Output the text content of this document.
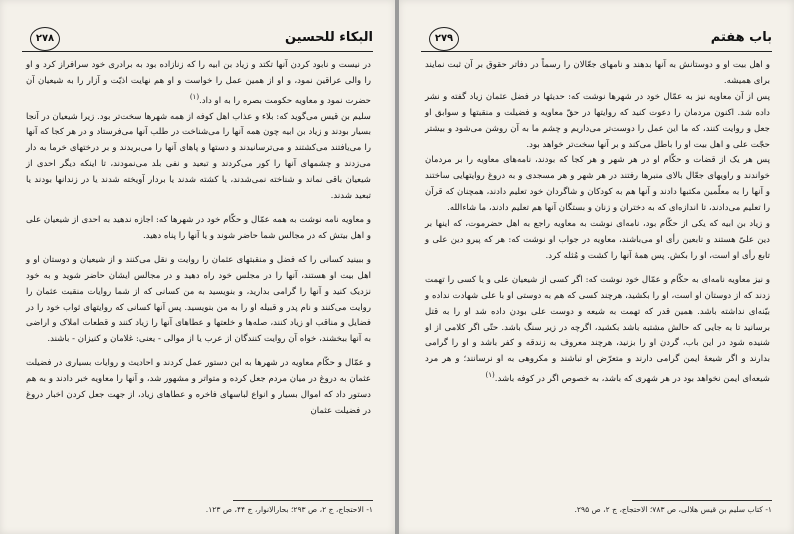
البكاء للحسين
۲۷۸

در نیست و نابود کردن آنها تکتد و زیاد بن ابیه را که زنازاده بود به برادری خود سرافراز کرد و او را والی عراقین نمود، و او از همین عمل را خواست و او هم نهایت اذیّت و آزار را به شیعیان آن حضرت نمود و معاویه حکومت بصره را به او داد.$^{(۱)}$

سلیم بن قیس می‌گوید که: بلاء و عذاب اهل کوفه از همه شهرها سخت‌تر بود. زیرا شیعیان در آنجا بسیار بودند و زیاد بن ابیه چون همه آنها را می‌شناخت در طلب آنها می‌فرستاد و در هر کجا که آنها را می‌یافتند می‌کشتند و می‌ترسانیدند و دستها و پاهای آنها را می‌بریدند و بر درختهای خرما به دار می‌زدند و چشمهای آنها را کور می‌کردند و تبعید و نفی بلد می‌نمودند، تا اینکه دیگر احدی از شیعیان باقی نماند و شناخته نمی‌شدند، یا کشته شدند یا بردار آویخته شدند یا در زندانها بودند یا تبعید شدند.

و معاویه نامه نوشت به همه عمّال و حکّام خود در شهرها که: اجازه ندهید به احدی از شیعیان علی و اهل بیتش که در مجالس شما حاضر شوند و یا آنها را پناه دهید.

و ببینید کسانی را که فضل و منقبتهای عثمان را روایت و نقل می‌کنند و از شیعیان و دوستان او و اهل بیت او هستند، آنها را در مجلس خود راه دهید و در مجالس ایشان حاضر شوید و به خود نزدیک کنید و آنها را گرامی بدارید، و بنویسید به من کسانی که از شما روایات منقبت عثمان را روایت می‌کنند و نام پدر و قبیله او را به من بنویسید. پس آنها کسانی که روایتهای ثواب خود را در فضایل و مناقب او زیاد کنند، صله‌ها و خلعتها و عطاهای آنها را زیاد کنند و قطعات املاک و اراضی به آنها ببخشند، خواه آن روایت کنندگان از عرب یا از موالی - یعنی: غلامان و کنیزان - باشند.

و عمّال و حکّام معاویه در شهرها به این دستور عمل کردند و احادیث و روایات بسیاری در فضیلت عثمان به دروغ در میان مردم جعل کرده و متواتر و مشهور شد، و آنها را معاویه خبر دادند و به هم دستور داد که اموال بسیار و انواع لباسهای فاخره و عطاهای زیاد، از جهت جعل کردن اخبار دروغ در فضیلت عثمان

۱- الاحتجاج، ج ۲، ص ۲۹۳؛ بحارالانوار، ج ۴۴، ص ۱۲۳.
باب هفتم
۲۷۹

و اهل بیت او و دوستانش به آنها بدهند و نامهای جعّالان را رسماً در دفاتر حقوق بر آن ثبت نمایند برای همیشه.

پس از آن معاویه نیز به عمّال خود در شهرها نوشت که: حدیثها در فضل عثمان زیاد گفته و نشر داده شد. اکنون مردمان را دعوت کنید که روایتها در حقّ معاویه و فضیلت و منقبتها و سوابق او جعل و روایت کنند، که ما این عمل را دوست‌تر می‌داریم و چشم ما به آن روشن می‌شود و بیشتر حجّت علی و اهل بیت او را باطل می‌کند و بر آنها سخت‌تر خواهد بود.

پس هر یک از قضات و حکّام او در هر شهر و هر کجا که بودند، نامه‌های معاویه را بر مردمان خواندند و راویهای جعّال بالای منبرها رفتند در هر شهر و هر مسجدی و به دروغ روایتهایی ساختند و آنها را به معلّمین مکتبها دادند و آنها هم به کودکان و شاگردان خود تعلیم دادند، همچنان که قرآن را تعلیم می‌دادند، تا اندازه‌ای که به دختران و زنان و بستگان آنها هم تعلیم دادند، ما شاءالله.

و زیاد بن ابیه که یکی از حکّام بود، نامه‌ای نوشت به معاویه راجع به اهل حضرموت، که اینها بر دین علیّ هستند و تابعین رأی او می‌باشند، معاویه در جواب او نوشت که: هر که پیرو دین علی و تابع رأی او است، او را بکش. پس همهٔ آنها را کشت و مُثله کرد.

و نیز معاویه نامه‌ای به حکّام و عمّال خود نوشت که: اگر کسی از شیعیان علی و یا کسی را تهمت زدند که از دوستان او است، او را بکشید، هرچند کسی که هم به دوستی او با علی شهادت نداده و بیّنه‌ای نداشته باشد. همین قدر که تهمت به شیعه و دوست علی بودن داده شد او را به قتل برسانید تا به جایی که حالش مشتبه باشد بکشید، اگرچه در زیر سنگ باشد. حتّی اگر کلامی از او شنیده شود در این باب، گردن او را بزنید، هرچند معروف به زندقه و کفر باشد و او را گرامی بدارند و اگر شیعهٔ ایمن گرامی دارند و متعرّض او نباشند و مکروهی به او نرسانند؛ و هر مرد شیعه‌ای ایمن نخواهد بود در هر شهری که باشد، به خصوص اگر در کوفه باشد.$^{(۱)}$

۱- کتاب سلیم بن قیس هلالی، ص ۷۸۳؛ الاحتجاج، ج ۲، ص ۲۹۵.
